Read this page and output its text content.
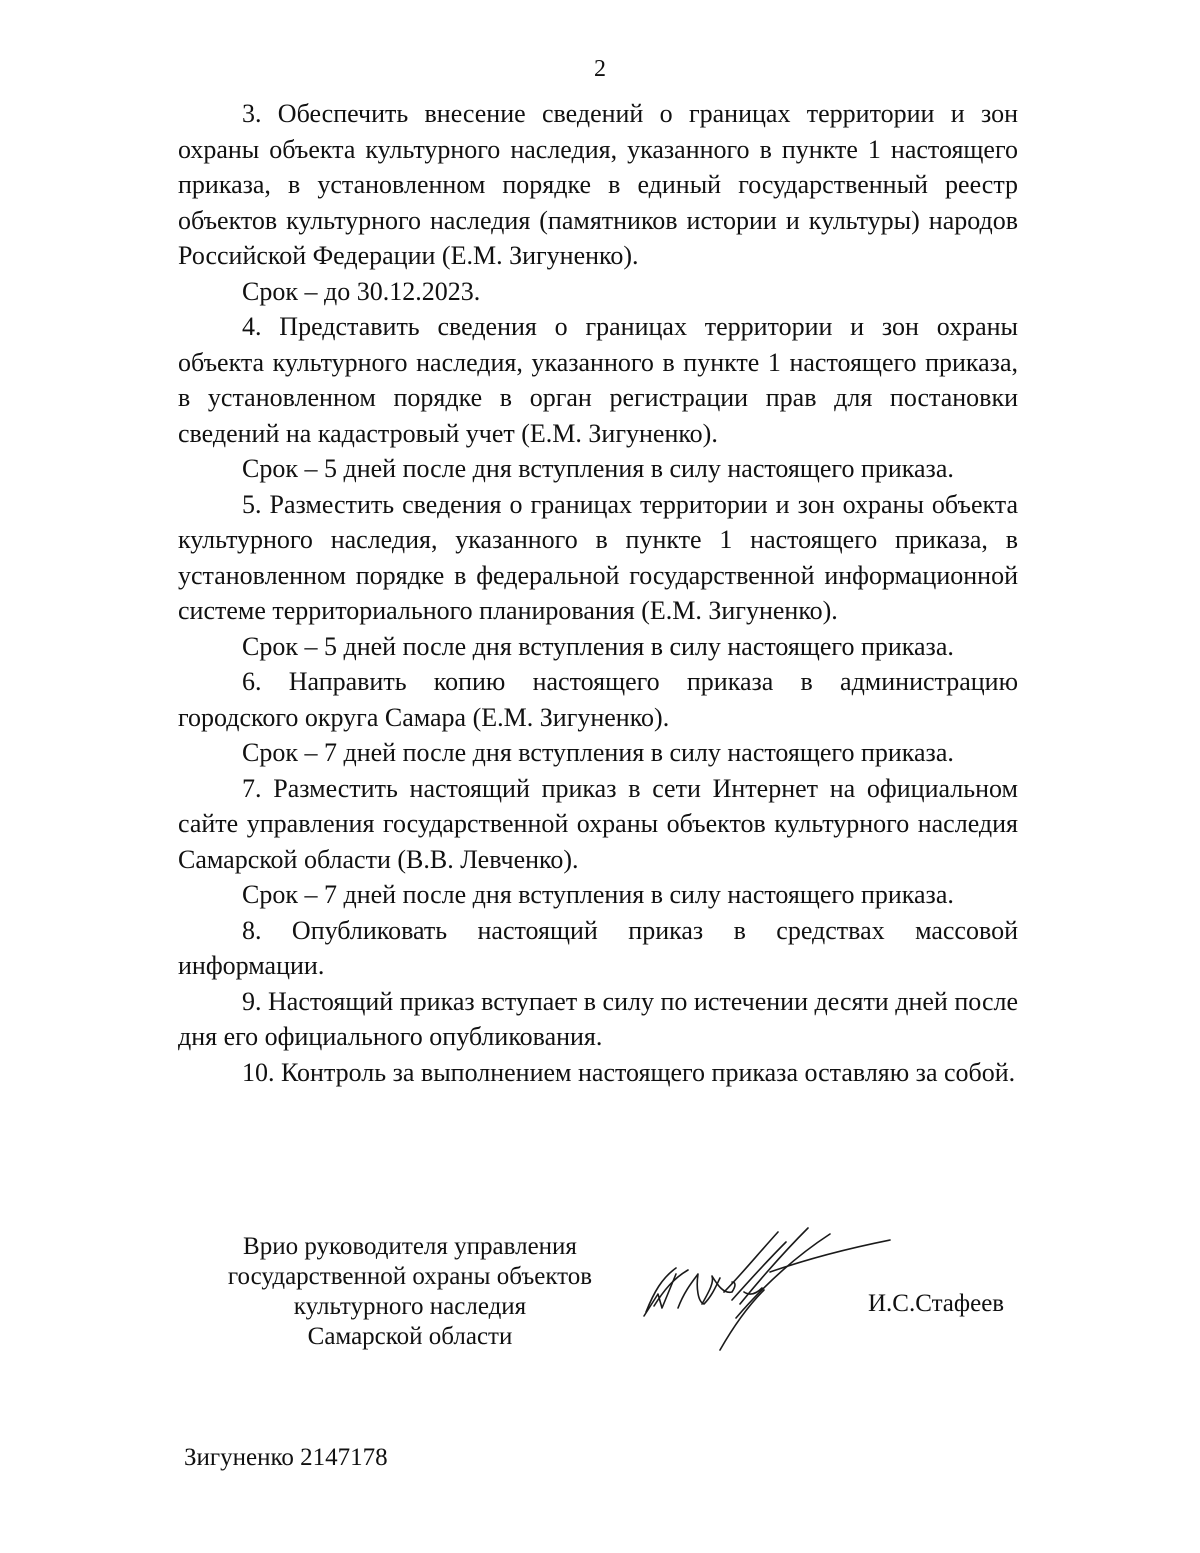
2

3. Обеспечить внесение сведений о границах территории и зон охраны объекта культурного наследия, указанного в пункте 1 настоящего приказа, в установленном порядке в единый государственный реестр объектов культурного наследия (памятников истории и культуры) народов Российской Федерации (Е.М. Зигуненко).

Срок – до 30.12.2023.

4. Представить сведения о границах территории и зон охраны объекта культурного наследия, указанного в пункте 1 настоящего приказа, в установленном порядке в орган регистрации прав для постановки сведений на кадастровый учет (Е.М. Зигуненко).

Срок – 5 дней после дня вступления в силу настоящего приказа.

5. Разместить сведения о границах территории и зон охраны объекта культурного наследия, указанного в пункте 1 настоящего приказа, в установленном порядке в федеральной государственной информационной системе территориального планирования (Е.М. Зигуненко).

Срок – 5 дней после дня вступления в силу настоящего приказа.

6. Направить копию настоящего приказа в администрацию городского округа Самара (Е.М. Зигуненко).

Срок – 7 дней после дня вступления в силу настоящего приказа.

7. Разместить настоящий приказ в сети Интернет на официальном сайте управления государственной охраны объектов культурного наследия Самарской области (В.В. Левченко).

Срок – 7 дней после дня вступления в силу настоящего приказа.

8. Опубликовать настоящий приказ в средствах массовой информации.

9. Настоящий приказ вступает в силу по истечении десяти дней после дня его официального опубликования.

10. Контроль за выполнением настоящего приказа оставляю за собой.

Врио руководителя управления
государственной охраны объектов
культурного наследия
Самарской области
И.С.Стафеев
Зигуненко 2147178
